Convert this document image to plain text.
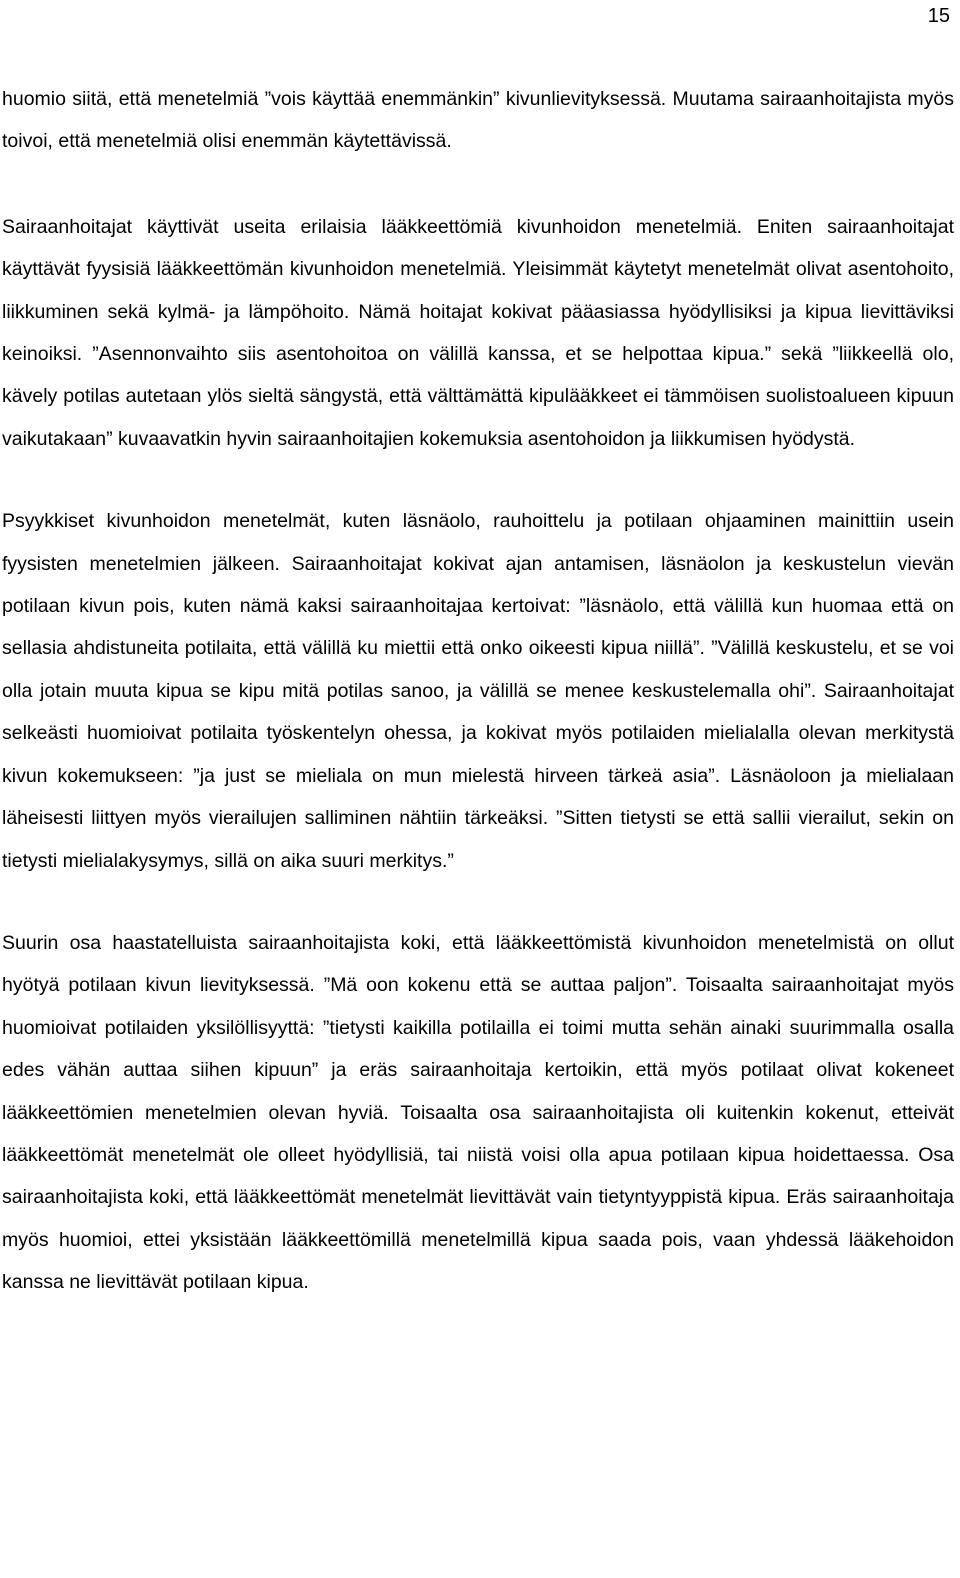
15

huomio siitä, että menetelmiä ”vois käyttää enemmänkin” kivunlievityksessä. Muutama sairaanhoitajista myös toivoi, että menetelmiä olisi enemmän käytettävissä.

Sairaanhoitajat käyttivät useita erilaisia lääkkeettömiä kivunhoidon menetelmiä. Eniten sairaanhoitajat käyttävät fyysisiä lääkkeettömän kivunhoidon menetelmiä. Yleisimmät käytetyt menetelmät olivat asentohoito, liikkuminen sekä kylmä- ja lämpöhoito. Nämä hoitajat kokivat pääasiassa hyödyllisiksi ja kipua lievittäviksi keinoiksi. ”Asennonvaihto siis asentohoitoa on välillä kanssa, et se helpottaa kipua.” sekä ”liikkeellä olo, kävely potilas autetaan ylös sieltä sängystä, että välttämättä kipulääkkeet ei tämmöisen suolistoalueen kipuun vaikutakaan” kuvaavatkin hyvin sairaanhoitajien kokemuksia asentohoidon ja liikkumisen hyödystä.

Psyykkiset kivunhoidon menetelmät, kuten läsnäolo, rauhoittelu ja potilaan ohjaaminen mainittiin usein fyysisten menetelmien jälkeen. Sairaanhoitajat kokivat ajan antamisen, läsnäolon ja keskustelun vievän potilaan kivun pois, kuten nämä kaksi sairaanhoitajaa kertoivat: ”läsnäolo, että välillä kun huomaa että on sellasia ahdistuneita potilaita, että välillä ku miettii että onko oikeesti kipua niillä”. ”Välillä keskustelu, et se voi olla jotain muuta kipua se kipu mitä potilas sanoo, ja välillä se menee keskustelemalla ohi”. Sairaanhoitajat selkeästi huomioivat potilaita työskentelyn ohessa, ja kokivat myös potilaiden mielialalla olevan merkitystä kivun kokemukseen: ”ja just se mieliala on mun mielestä hirveen tärkeä asia”. Läsnäoloon ja mielialaan läheisesti liittyen myös vierailujen salliminen nähtiin tärkeäksi. ”Sitten tietysti se että sallii vierailut, sekin on tietysti mielialakysymys, sillä on aika suuri merkitys.”

Suurin osa haastatelluista sairaanhoitajista koki, että lääkkeettömistä kivunhoidon menetelmistä on ollut hyötyä potilaan kivun lievityksessä. ”Mä oon kokenu että se auttaa paljon”. Toisaalta sairaanhoitajat myös huomioivat potilaiden yksilöllisyyttä: ”tietysti kaikilla potilailla ei toimi mutta sehän ainaki suurimmalla osalla edes vähän auttaa siihen kipuun” ja eräs sairaanhoitaja kertoikin, että myös potilaat olivat kokeneet lääkkeettömien menetelmien olevan hyviä. Toisaalta osa sairaanhoitajista oli kuitenkin kokenut, etteivät lääkkeettömät menetelmät ole olleet hyödyllisiä, tai niistä voisi olla apua potilaan kipua hoidettaessa. Osa sairaanhoitajista koki, että lääkkeettömät menetelmät lievittävät vain tietyntyyppistä kipua. Eräs sairaanhoitaja myös huomioi, ettei yksistään lääkkeettömillä menetelmillä kipua saada pois, vaan yhdessä lääkehoidon kanssa ne lievittävät potilaan kipua.
